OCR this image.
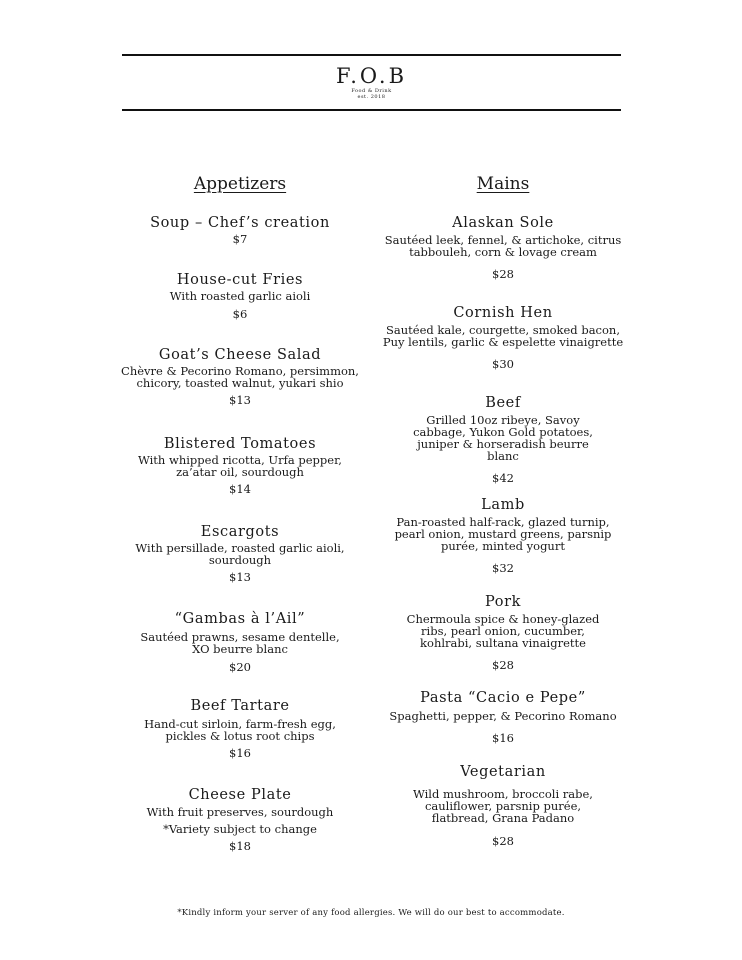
F.O.B
Food & Drink
est. 2018
Appetizers
Soup – Chef’s creation
$7
House-cut Fries
With roasted garlic aioli
$6
Goat’s Cheese Salad
Chèvre & Pecorino Romano, persimmon, chicory, toasted walnut, yukari shio
$13
Blistered Tomatoes
With whipped ricotta, Urfa pepper, za’atar oil, sourdough
$14
Escargots
With persillade, roasted garlic aioli, sourdough
$13
“Gambas à l’Ail”
Sautéed prawns, sesame dentelle, XO beurre blanc
$20
Beef Tartare
Hand-cut sirloin, farm-fresh egg, pickles & lotus root chips
$16
Cheese Plate
With fruit preserves, sourdough
*Variety subject to change
$18
Mains
Alaskan Sole
Sautéed leek, fennel, & artichoke, citrus tabbouleh, corn & lovage cream
$28
Cornish Hen
Sautéed kale, courgette, smoked bacon, Puy lentils, garlic & espelette vinaigrette
$30
Beef
Grilled 10oz ribeye, Savoy cabbage, Yukon Gold potatoes, juniper & horseradish beurre blanc
$42
Lamb
Pan-roasted half-rack, glazed turnip, pearl onion, mustard greens, parsnip purée, minted yogurt
$32
Pork
Chermoula spice & honey-glazed ribs, pearl onion, cucumber, kohlrabi, sultana vinaigrette
$28
Pasta “Cacio e Pepe”
Spaghetti, pepper, & Pecorino Romano
$16
Vegetarian
Wild mushroom, broccoli rabe, cauliflower, parsnip purée, flatbread, Grana Padano
$28
*Kindly inform your server of any food allergies. We will do our best to accommodate.
